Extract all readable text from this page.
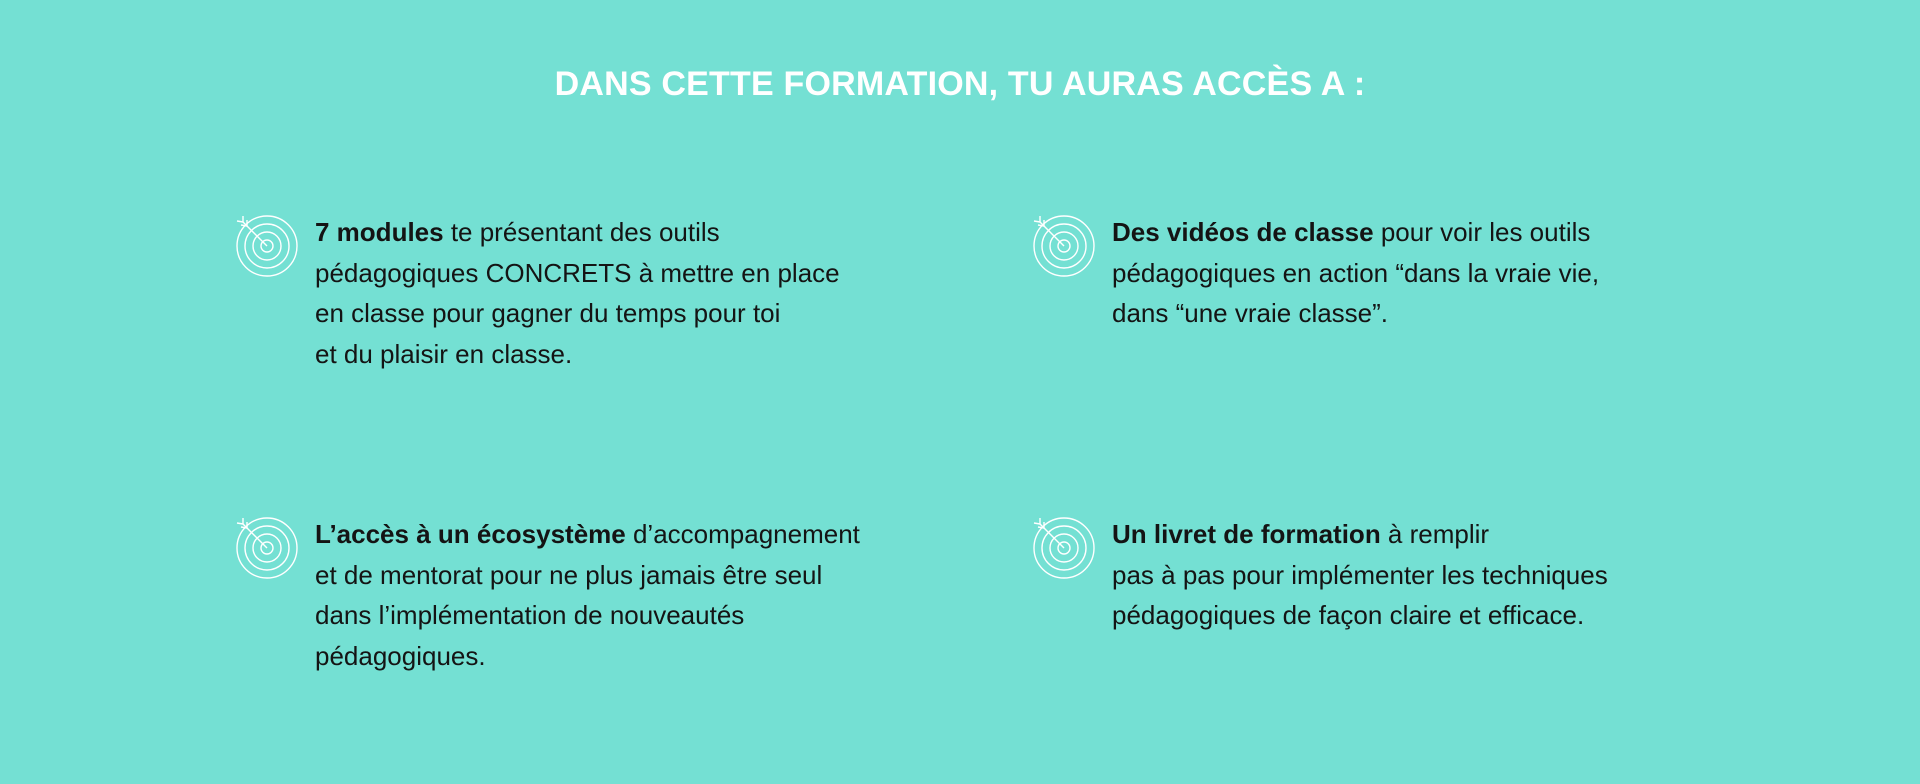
DANS CETTE FORMATION, TU AURAS ACCÈS A :

7 modules te présentant des outils
pédagogiques CONCRETS à mettre en place
en classe pour gagner du temps pour toi
et du plaisir en classe.

Des vidéos de classe pour voir les outils
pédagogiques en action “dans la vraie vie,
dans “une vraie classe”.

L’accès à un écosystème d’accompagnement
et de mentorat pour ne plus jamais être seul
dans l’implémentation de nouveautés
pédagogiques.

Un livret de formation à remplir
pas à pas pour implémenter les techniques
pédagogiques de façon claire et efficace.
